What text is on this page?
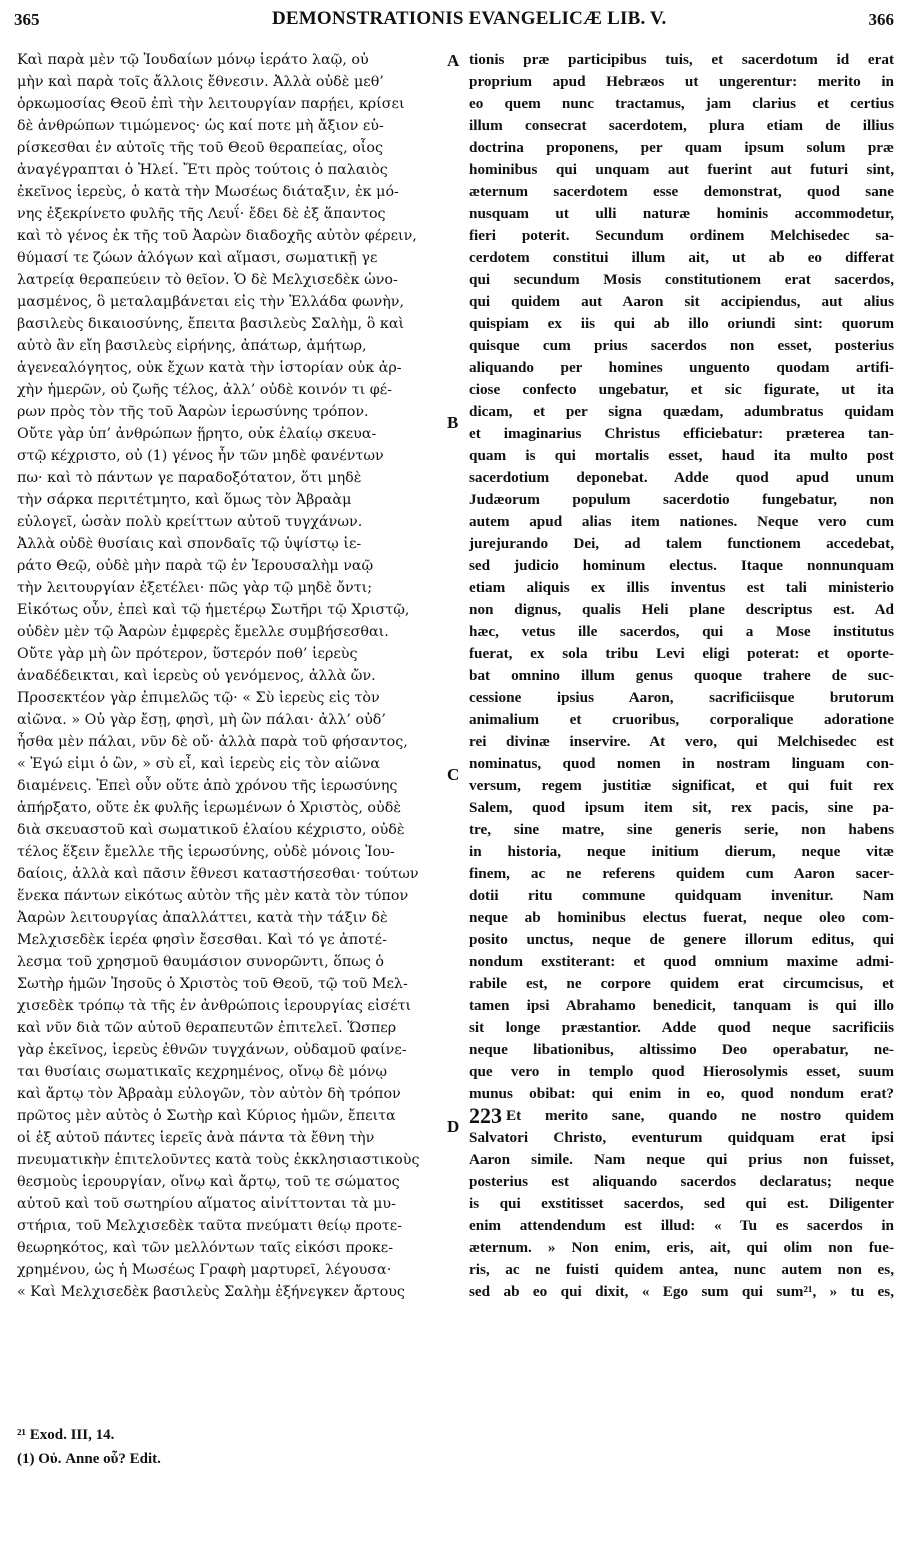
365	DEMONSTRATIONIS EVANGELICÆ LIB. V.	366
Καὶ παρὰ μὲν τῷ Ἰουδαίων μόνῳ ἱεράτο λαῷ, οὐ
μὴν καὶ παρὰ τοῖς ἄλλοις ἔθνεσιν. Ἀλλὰ οὐδὲ μεθ’
ὁρκωμοσίας Θεοῦ ἐπὶ τὴν λειτουργίαν παρῄει, κρίσει
δὲ ἀνθρώπων τιμώμενος· ὡς καί ποτε μὴ ἄξιον εὑ-
ρίσκεσθαι ἐν αὐτοῖς τῆς τοῦ Θεοῦ θεραπείας, οἷος
ἀναγέγραπται ὁ Ἠλεί. Ἔτι πρὸς τούτοις ὁ παλαιὸς
ἐκεῖνος ἱερεὺς, ὁ κατὰ τὴν Μωσέως διάταξιν, ἐκ μό-
νης ἐξεκρίνετο φυλῆς τῆς Λευΐ· ἔδει δὲ ἐξ ἅπαντος
καὶ τὸ γένος ἐκ τῆς τοῦ Ἀαρὼν διαδοχῆς αὐτὸν φέρειν,
θύμασί τε ζώων ἀλόγων καὶ αἵμασι, σωματικῇ γε
λατρείᾳ θεραπεύειν τὸ θεῖον. Ὁ δὲ Μελχισεδὲκ ὠνο-
μασμένος, ὃ μεταλαμβάνεται εἰς τὴν Ἑλλάδα φωνὴν,
βασιλεὺς δικαιοσύνης, ἔπειτα βασιλεὺς Σαλὴμ, ὃ καὶ
αὐτὸ ἂν εἴη βασιλεὺς εἰρήνης, ἀπάτωρ, ἀμήτωρ,
ἀγενεαλόγητος, οὐκ ἔχων κατὰ τὴν ἱστορίαν οὐκ ἀρ-
χὴν ἡμερῶν, οὐ ζωῆς τέλος, ἀλλ’ οὐδὲ κοινόν τι φέ-
ρων πρὸς τὸν τῆς τοῦ Ἀαρὼν ἱερωσύνης τρόπον.
Οὔτε γὰρ ὑπ’ ἀνθρώπων ᾕρητο, οὐκ ἐλαίῳ σκευα-
στῷ κέχριστο, οὐ (1) γένος ἦν τῶν μηδὲ φανέντων
πω· καὶ τὸ πάντων γε παραδοξότατον, ὅτι μηδὲ
τὴν σάρκα περιτέτμητο, καὶ ὅμως τὸν Ἀβραὰμ
εὐλογεῖ, ὡσὰν πολὺ κρείττων αὐτοῦ τυγχάνων.
Ἀλλὰ οὐδὲ θυσίαις καὶ σπονδαῖς τῷ ὑψίστῳ ἱε-
ράτο Θεῷ, οὐδὲ μὴν παρὰ τῷ ἐν Ἱερουσαλὴμ ναῷ
τὴν λειτουργίαν ἐξετέλει· πῶς γὰρ τῷ μηδὲ ὄντι;
Εἰκότως οὖν, ἐπεὶ καὶ τῷ ἡμετέρῳ Σωτῆρι τῷ Χριστῷ,
οὐδὲν μὲν τῷ Ἀαρὼν ἐμφερὲς ἔμελλε συμβήσεσθαι.
Οὔτε γὰρ μὴ ὢν πρότερον, ὕστερόν ποθ’ ἱερεὺς
ἀναδέδεικται, καὶ ἱερεὺς οὐ γενόμενος, ἀλλὰ ὤν.
Προσεκτέον γὰρ ἐπιμελῶς τῷ· « Σὺ ἱερεὺς εἰς τὸν
αἰῶνα. » Οὐ γὰρ ἔσῃ, φησὶ, μὴ ὢν πάλαι· ἀλλ’ οὐδ’
ἦσθα μὲν πάλαι, νῦν δὲ οὔ· ἀλλὰ παρὰ τοῦ φήσαντος,
« Ἐγώ εἰμι ὁ ὢν, » σὺ εἶ, καὶ ἱερεὺς εἰς τὸν αἰῶνα
διαμένεις. Ἐπεὶ οὖν οὔτε ἀπὸ χρόνου τῆς ἱερωσύνης
ἀπήρξατο, οὔτε ἐκ φυλῆς ἱερωμένων ὁ Χριστὸς, οὐδὲ
διὰ σκευαστοῦ καὶ σωματικοῦ ἐλαίου κέχριστο, οὐδὲ
τέλος ἕξειν ἔμελλε τῆς ἱερωσύνης, οὐδὲ μόνοις Ἰου-
δαίοις, ἀλλὰ καὶ πᾶσιν ἔθνεσι καταστήσεσθαι· τούτων
ἕνεκα πάντων εἰκότως αὐτὸν τῆς μὲν κατὰ τὸν τύπον
Ἀαρὼν λειτουργίας ἀπαλλάττει, κατὰ τὴν τάξιν δὲ
Μελχισεδὲκ ἱερέα φησὶν ἔσεσθαι. Καὶ τό γε ἀποτέ-
λεσμα τοῦ χρησμοῦ θαυμάσιον συνορῶντι, ὅπως ὁ
Σωτὴρ ἡμῶν Ἰησοῦς ὁ Χριστὸς τοῦ Θεοῦ, τῷ τοῦ Μελ-
χισεδὲκ τρόπῳ τὰ τῆς ἐν ἀνθρώποις ἱερουργίας εἰσέτι
καὶ νῦν διὰ τῶν αὐτοῦ θεραπευτῶν ἐπιτελεῖ. Ὥσπερ
γὰρ ἐκεῖνος, ἱερεὺς ἐθνῶν τυγχάνων, οὐδαμοῦ φαίνε-
ται θυσίαις σωματικαῖς κεχρημένος, οἴνῳ δὲ μόνῳ
καὶ ἄρτῳ τὸν Ἀβραὰμ εὐλογῶν, τὸν αὐτὸν δὴ τρόπον
πρῶτος μὲν αὐτὸς ὁ Σωτὴρ καὶ Κύριος ἡμῶν, ἔπειτα
οἱ ἐξ αὐτοῦ πάντες ἱερεῖς ἀνὰ πάντα τὰ ἔθνη τὴν
πνευματικὴν ἐπιτελοῦντες κατὰ τοὺς ἐκκλησιαστικοὺς
θεσμοὺς ἱερουργίαν, οἴνῳ καὶ ἄρτῳ, τοῦ τε σώματος
αὐτοῦ καὶ τοῦ σωτηρίου αἵματος αἰνίττονται τὰ μυ-
στήρια, τοῦ Μελχισεδὲκ ταῦτα πνεύματι θείῳ προτε-
θεωρηκότος, καὶ τῶν μελλόντων ταῖς εἰκόσι προκε-
χρημένου, ὡς ἡ Μωσέως Γραφὴ μαρτυρεῖ, λέγουσα·
« Καὶ Μελχισεδὲκ βασιλεὺς Σαλὴμ ἐξήνεγκεν ἄρτους
tionis præ participibus tuis, et sacerdotum id erat
proprium apud Hebræos ut ungerentur: merito in
eo quem nunc tractamus, jam clarius et certius
illum consecrat sacerdotem, plura etiam de illius
doctrina proponens, per quam ipsum solum præ
hominibus qui unquam aut fuerint aut futuri sint,
æternum sacerdotem esse demonstrat, quod sane
nusquam ut ulli naturæ hominis accommodetur,
fieri poterit. Secundum ordinem Melchisedec sa-
cerdotem constitui illum ait, ut ab eo differat
qui secundum Mosis constitutionem erat sacerdos,
qui quidem aut Aaron sit accipiendus, aut alius
quispiam ex iis qui ab illo oriundi sint: quorum
quisque cum prius sacerdos non esset, posterius
aliquando per homines unguento quodam artifi-
ciose confecto ungebatur, et sic figurate, ut ita
dicam, et per signa quædam, adumbratus quidam
et imaginarius Christus efficiebatur: præterea tan-
quam is qui mortalis esset, haud ita multo post
sacerdotium deponebat. Adde quod apud unum
Judæorum populum sacerdotio fungebatur, non
autem apud alias item nationes. Neque vero cum
jurejurando Dei, ad talem functionem accedebat,
sed judicio hominum electus. Itaque nonnunquam
etiam aliquis ex illis inventus est tali ministerio
non dignus, qualis Heli plane descriptus est. Ad
hæc, vetus ille sacerdos, qui a Mose institutus
fuerat, ex sola tribu Levi eligi poterat: et oporte-
bat omnino illum genus quoque trahere de suc-
cessione ipsius Aaron, sacrificiisque brutorum
animalium et cruoribus, corporalique adoratione
rei divinæ inservire. At vero, qui Melchisedec est
nominatus, quod nomen in nostram linguam con-
versum, regem justitiæ significat, et qui fuit rex
Salem, quod ipsum item sit, rex pacis, sine pa-
tre, sine matre, sine generis serie, non habens
in historia, neque initium dierum, neque vitæ
finem, ac ne referens quidem cum Aaron sacer-
dotii ritu commune quidquam invenitur. Nam
neque ab hominibus electus fuerat, neque oleo com-
posito unctus, neque de genere illorum editus, qui
nondum exstiterant: et quod omnium maxime admi-
rabile est, ne corpore quidem erat circumcisus, et
tamen ipsi Abrahamo benedicit, tanquam is qui illo
sit longe præstantior. Adde quod neque sacrificiis
neque libationibus, altissimo Deo operabatur, ne-
que vero in templo quod Hierosolymis esset, suum
munus obibat: qui enim in eo, quod nondum erat?
223 Et merito sane, quando ne nostro quidem
Salvatori Christo, eventurum quidquam erat ipsi
Aaron simile. Nam neque qui prius non fuisset,
posterius est aliquando sacerdos declaratus; neque
is qui exstitisset sacerdos, sed qui est. Diligenter
enim attendendum est illud: « Tu es sacerdos in
æternum. » Non enim, eris, ait, qui olim non fue-
ris, ac ne fuisti quidem antea, nunc autem non es,
sed ab eo qui dixit, « Ego sum qui sum²¹, » tu es,
A
B
C
D
²¹ Exod. III, 14.
(1) Οὐ. Anne οὗ? Edit.
